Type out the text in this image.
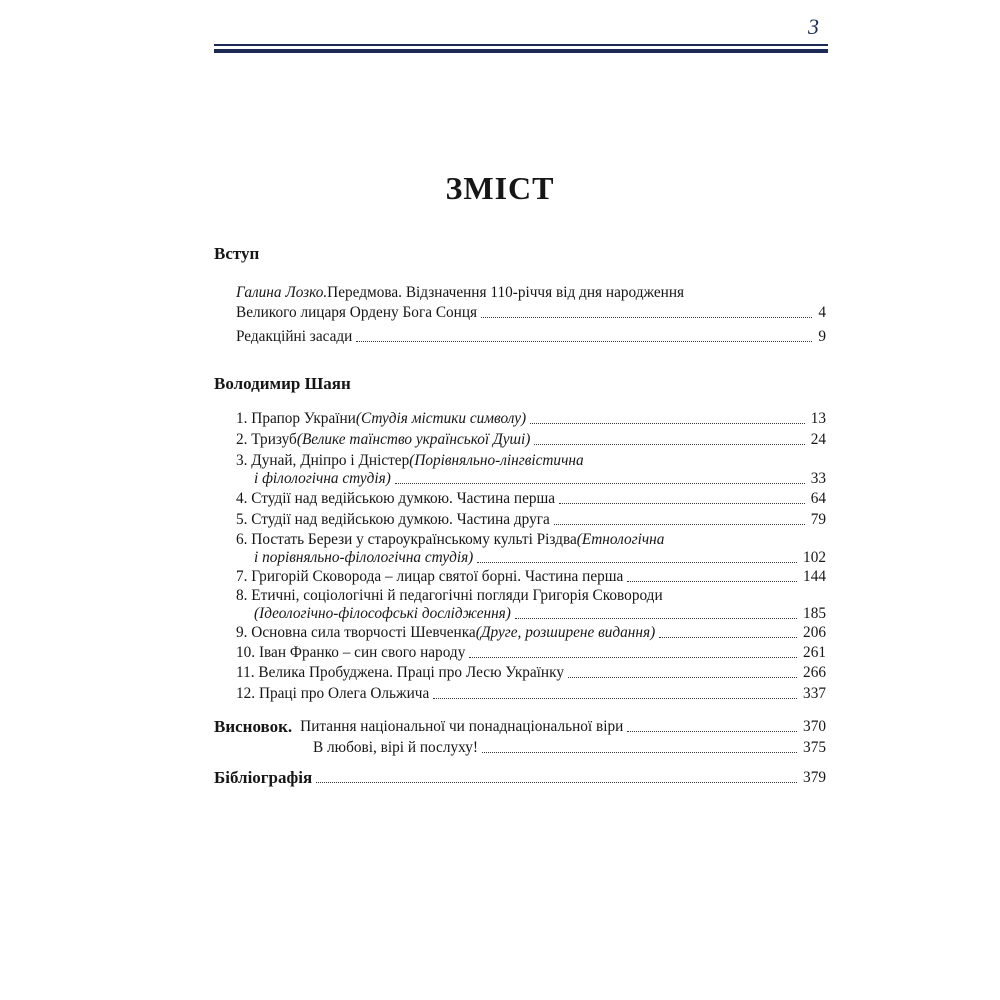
3
ЗМІСТ
Вступ
Галина Лозко. Передмова. Відзначення 110-річчя від дня народження
Великого лицаря Ордену Бога Сонця	4
Редакційні засади	9
Володимир Шаян
1. Прапор України (Студія містики символу)	13
2. Тризуб (Велике таїнство української Душі)	24
3. Дунай, Дніпро і Дністер (Порівняльно-лінгвістична
і філологічна студія)	33
4. Студії над ведійською думкою. Частина перша	64
5. Студії над ведійською думкою. Частина друга	79
6. Постать Берези у староукраїнському культі Різдва (Етнологічна
і порівняльно-філологічна студія)	102
7. Григорій Сковорода – лицар святої борні. Частина перша	144
8. Етичні, соціологічні й педагогічні погляди Григорія Сковороди
(Ідеологічно-філософські дослідження)	185
9. Основна сила творчості Шевченка (Друге, розширене видання)	206
10. Іван Франко – син свого народу	261
11. Велика Пробуджена. Праці про Лесю Українку	266
12. Праці про Олега Ольжича	337
Висновок. Питання національної чи понаднаціональної віри	370
В любові, вірі й послуху!	375
Бібліографія	379
